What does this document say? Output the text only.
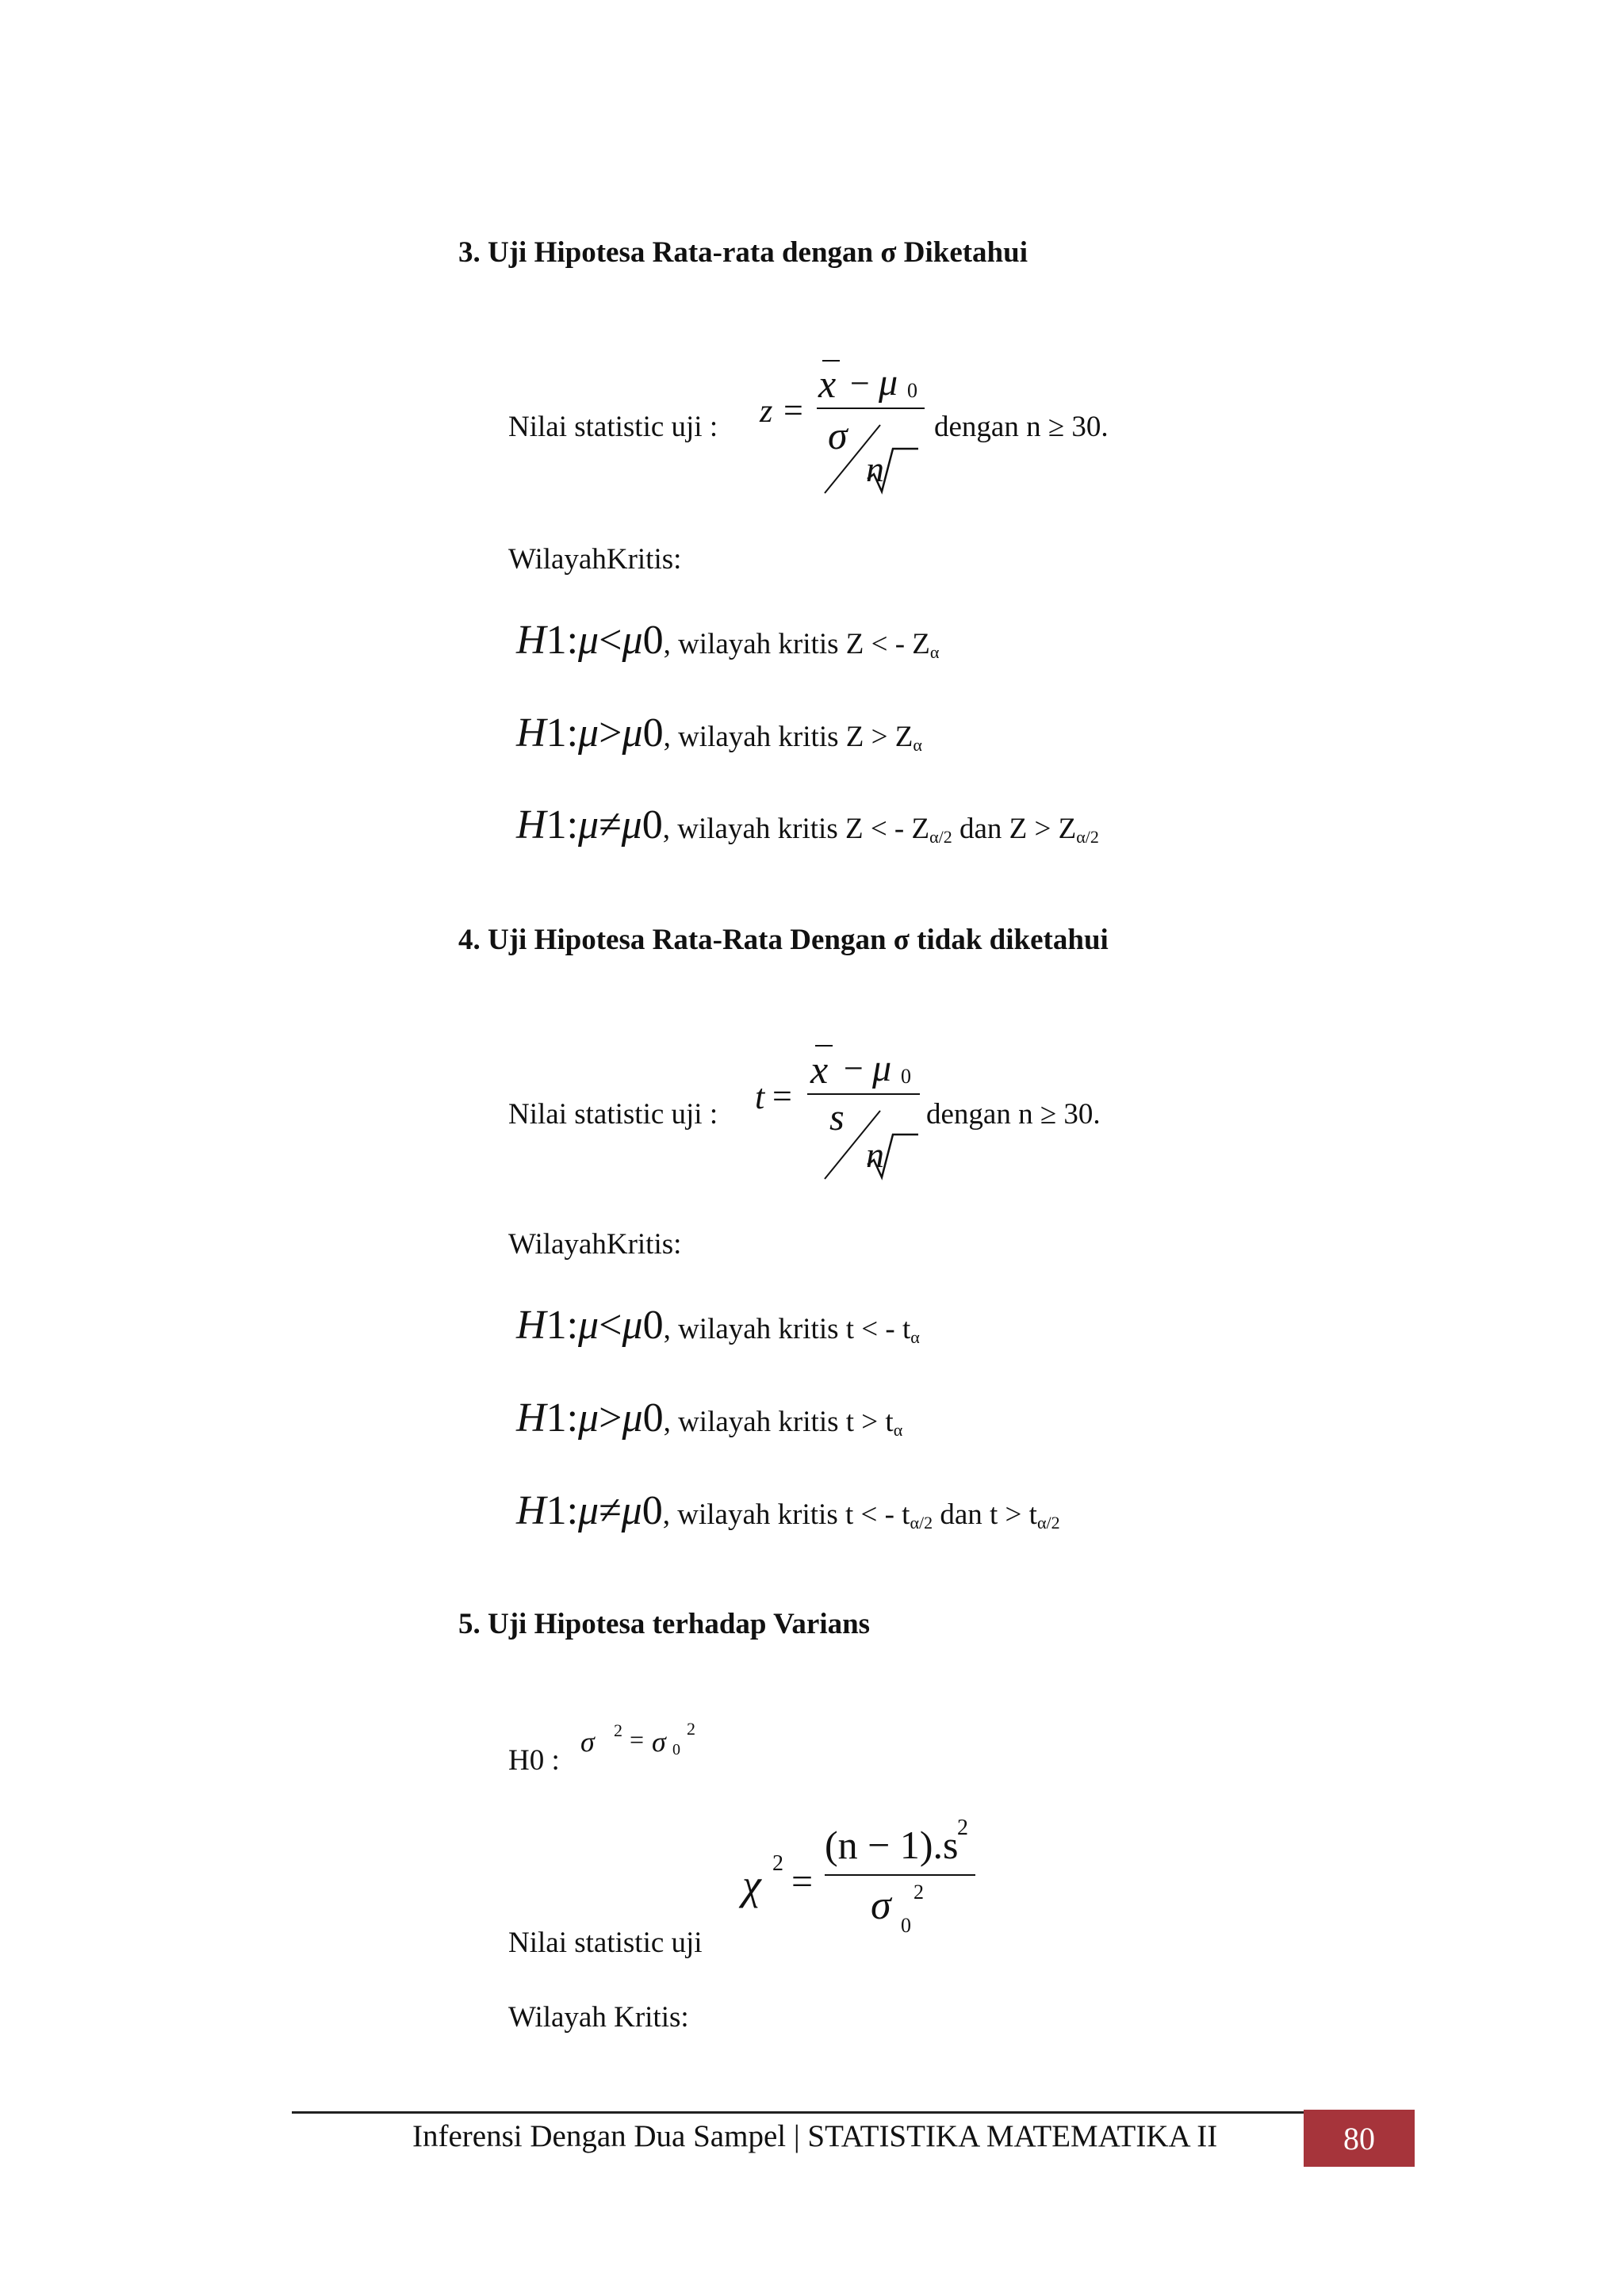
3. Uji Hipotesa Rata-rata dengan σ Diketahui
Nilai statistic uji : z =
x − μ 0
σ
n
dengan n ≥ 30.
WilayahKritis:
H1:μ<μ0, wilayah kritis Z < - $Z_\alpha$
H1:μ>μ0, wilayah kritis $Z > Z_\alpha$
H1:μ≠μ0, wilayah kritis Z < - $Z_{\alpha/2}$ dan $Z > Z_{\alpha/2}$
4. Uji Hipotesa Rata-Rata Dengan σ tidak diketahui
Nilai statistic uji : t =
x − μ 0
s
n
dengan n ≥ 30.
WilayahKritis:
H1:μ<μ0, wilayah kritis t < - $t_\alpha$
H1:μ>μ0, wilayah kritis $t > t_\alpha$
H1:μ≠μ0, wilayah kritis t < - $t_{\alpha/2}$ dan $t > t_{\alpha/2}$
5. Uji Hipotesa terhadap Varians
H0 :
σ 2 = σ 0
2
χ 2 =
(n − 1).s
2
σ 0
2
Nilai statistic uji
Wilayah Kritis:
Inferensi Dengan Dua Sampel | STATISTIKA MATEMATIKA II	80
